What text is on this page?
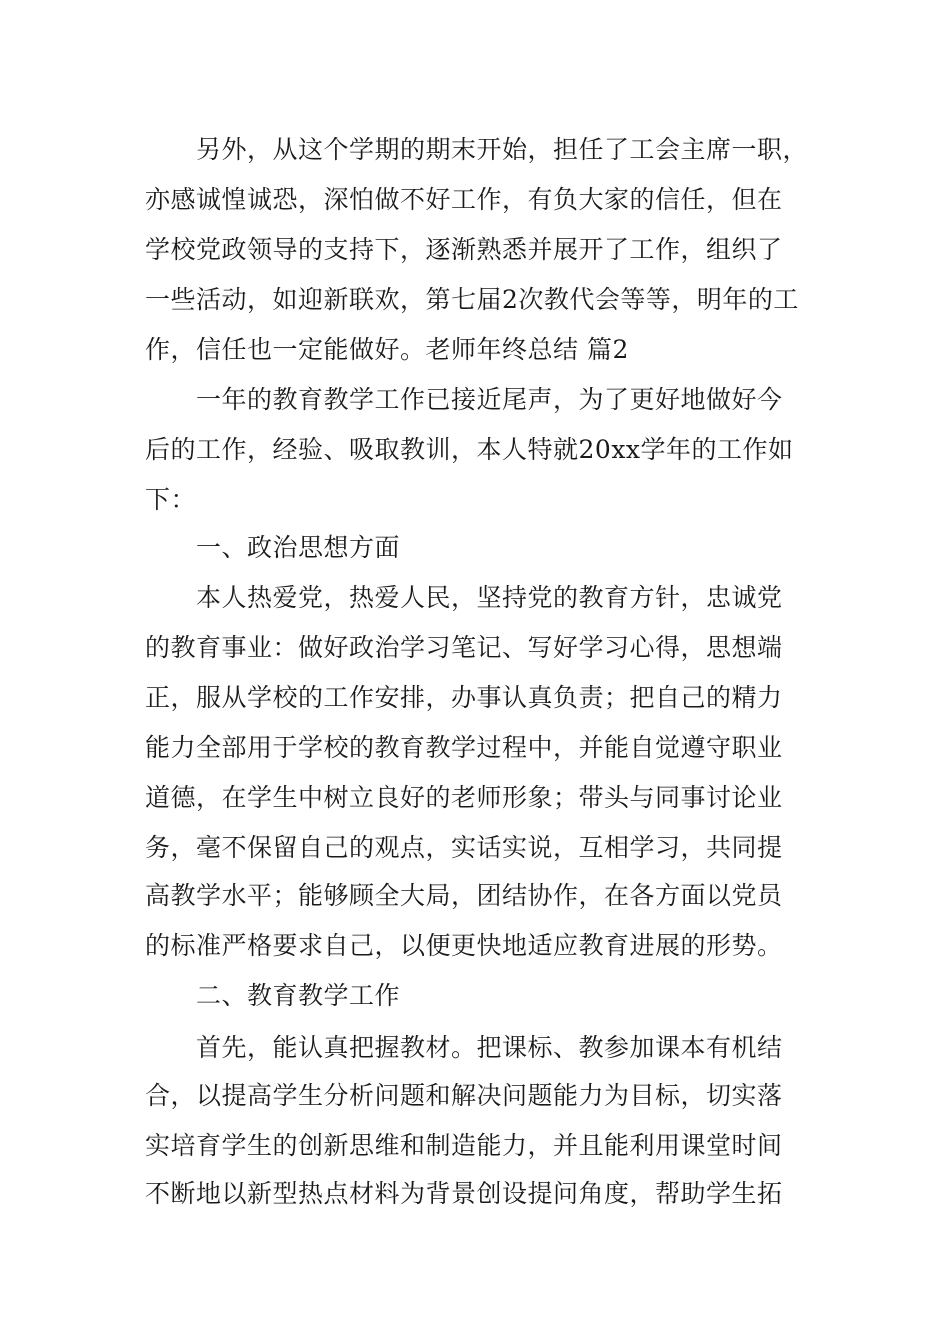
另外，从这个学期的期末开始，担任了工会主席一职，
亦感诚惶诚恐，深怕做不好工作，有负大家的信任，但在
学校党政领导的支持下，逐渐熟悉并展开了工作，组织了
一些活动，如迎新联欢，第七届2次教代会等等，明年的工
作，信任也一定能做好。老师年终总结 篇2
一年的教育教学工作已接近尾声，为了更好地做好今
后的工作，经验、吸取教训，本人特就20xx学年的工作如
下：
一、政治思想方面
本人热爱党，热爱人民，坚持党的教育方针，忠诚党
的教育事业：做好政治学习笔记、写好学习心得，思想端
正，服从学校的工作安排，办事认真负责；把自己的精力
能力全部用于学校的教育教学过程中，并能自觉遵守职业
道德，在学生中树立良好的老师形象；带头与同事讨论业
务，毫不保留自己的观点，实话实说，互相学习，共同提
高教学水平；能够顾全大局，团结协作，在各方面以党员
的标准严格要求自己，以便更快地适应教育进展的形势。
二、教育教学工作
首先，能认真把握教材。把课标、教参加课本有机结
合，以提高学生分析问题和解决问题能力为目标，切实落
实培育学生的创新思维和制造能力，并且能利用课堂时间
不断地以新型热点材料为背景创设提问角度，帮助学生拓
